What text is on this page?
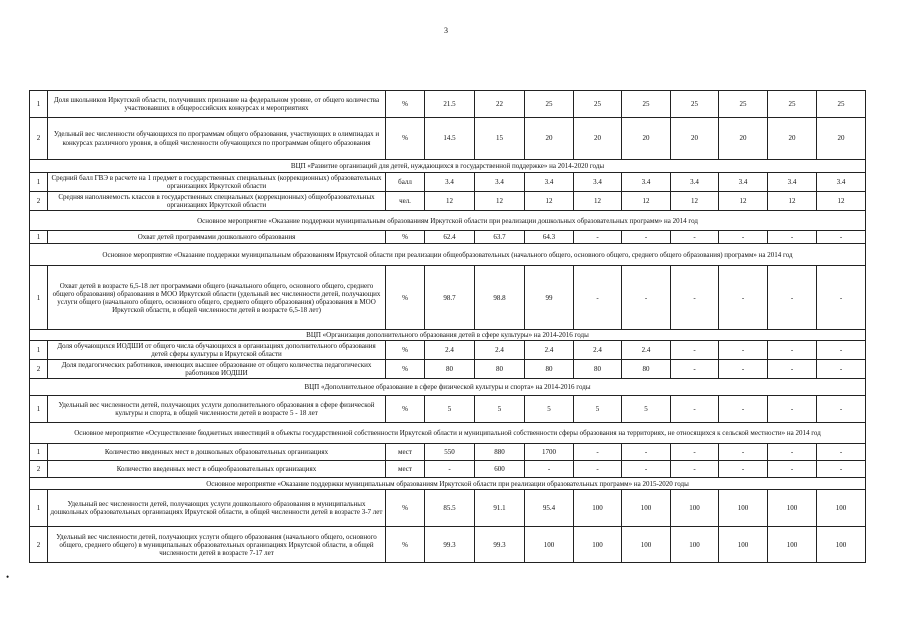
3
•
1	Доля школьников Иркутской области, получивших признание на федеральном уровне, от общего количества участвовавших в общероссийских конкурсах и мероприятиях	%	21.5	22	25	25	25	25	25	25	25
2	Удельный вес численности обучающихся по программам общего образования, участвующих в олимпиадах и конкурсах различного уровня, в общей численности обучающихся по программам общего образования	%	14.5	15	20	20	20	20	20	20	20
ВЦП «Развитие организаций для детей, нуждающихся в государственной поддержке» на 2014-2020 годы											
1	Средний балл ГВЭ в расчете на 1 предмет в государственных специальных (коррекционных) образовательных организациях Иркутской области	балл	3.4	3.4	3.4	3.4	3.4	3.4	3.4	3.4	3.4
2	Средняя наполняемость классов в государственных специальных (коррекционных) общеобразовательных организациях Иркутской области	чел.	12	12	12	12	12	12	12	12	12
Основное мероприятие «Оказание поддержки муниципальным образованиям Иркутской области при реализации дошкольных образовательных программ» на 2014 год											
1	Охват детей программами дошкольного образования	%	62.4	63.7	64.3	-	-	-	-	-	-
Основное мероприятие «Оказание поддержки муниципальным образованиям Иркутской области при реализации общеобразовательных (начального общего, основного общего, среднего общего образования) программ» на 2014 год											
1	Охват детей в возрасте 6,5-18 лет программами общего (начального общего, основного общего, среднего общего образования) образования в МОО Иркутской области (удельный вес численности детей, получающих услуги общего (начального общего, основного общего, среднего общего образования) образования в МОО Иркутской области, в общей численности детей в возрасте 6,5-18 лет)	%	98.7	98.8	99	-	-	-	-	-	-
ВЦП «Организация дополнительного образования детей в сфере культуры» на 2014-2016 годы											
1	Доля обучающихся ИОДШИ от общего числа обучающихся в организациях дополнительного образования детей сферы культуры в Иркутской области	%	2.4	2.4	2.4	2.4	2.4	-	-	-	-
2	Доля педагогических работников, имеющих высшее образование от общего количества педагогических работников ИОДШИ	%	80	80	80	80	80	-	-	-	-
ВЦП «Дополнительное образование в сфере физической культуры и спорта» на 2014-2016 годы											
1	Удельный вес численности детей, получающих услуги дополнительного образования в сфере физической культуры и спорта, в общей численности детей в возрасте 5 - 18 лет	%	5	5	5	5	5	-	-	-	-
Основное мероприятие «Осуществление бюджетных инвестиций в объекты государственной собственности Иркутской области и муниципальной собственности сферы образования на территориях, не относящихся к сельской местности» на 2014 год											
1	Количество введенных мест в дошкольных образовательных организациях	мест	550	880	1700	-	-	-	-	-	-
2	Количество введенных мест в общеобразовательных организациях	мест	-	600	-	-	-	-	-	-	-
Основное мероприятие «Оказание поддержки муниципальным образованиям Иркутской области при реализации образовательных программ» на 2015-2020 годы											
1	Удельный вес численности детей, получающих услуги дошкольного образования в муниципальных дошкольных образовательных организациях Иркутской области, в общей численности детей в возрасте 3-7 лет	%	85.5	91.1	95.4	100	100	100	100	100	100
2	Удельный вес численности детей, получающих услуги общего образования (начального общего, основного общего, среднего общего) в муниципальных образовательных организациях Иркутской области, в общей численности детей в возрасте 7-17 лет	%	99.3	99.3	100	100	100	100	100	100	100
